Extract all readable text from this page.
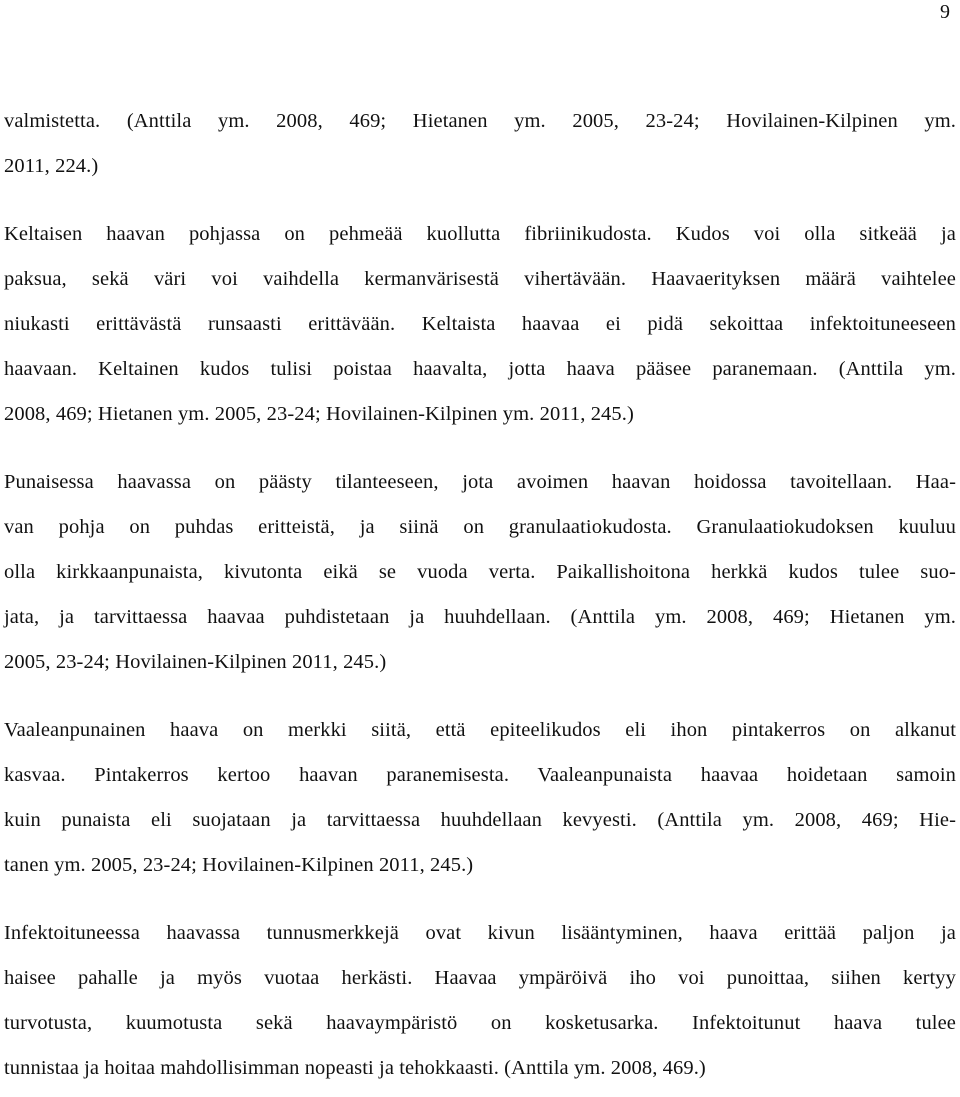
9

valmistetta. (Anttila ym. 2008, 469; Hietanen ym. 2005, 23-24; Hovilainen-Kilpinen ym.
2011, 224.)

Keltaisen haavan pohjassa on pehmeää kuollutta fibriinikudosta. Kudos voi olla sitkeää ja
paksua, sekä väri voi vaihdella kermanvärisestä vihertävään. Haavaerityksen määrä vaihtelee
niukasti erittävästä runsaasti erittävään. Keltaista haavaa ei pidä sekoittaa infektoituneeseen
haavaan. Keltainen kudos tulisi poistaa haavalta, jotta haava pääsee paranemaan. (Anttila ym.
2008, 469; Hietanen ym. 2005, 23-24; Hovilainen-Kilpinen ym. 2011, 245.)

Punaisessa haavassa on päästy tilanteeseen, jota avoimen haavan hoidossa tavoitellaan. Haa-
van pohja on puhdas eritteistä, ja siinä on granulaatiokudosta. Granulaatiokudoksen kuuluu
olla kirkkaanpunaista, kivutonta eikä se vuoda verta. Paikallishoitona herkkä kudos tulee suo-
jata, ja tarvittaessa haavaa puhdistetaan ja huuhdellaan. (Anttila ym. 2008, 469; Hietanen ym.
2005, 23-24; Hovilainen-Kilpinen 2011, 245.)

Vaaleanpunainen haava on merkki siitä, että epiteelikudos eli ihon pintakerros on alkanut
kasvaa. Pintakerros kertoo haavan paranemisesta. Vaaleanpunaista haavaa hoidetaan samoin
kuin punaista eli suojataan ja tarvittaessa huuhdellaan kevyesti. (Anttila ym. 2008, 469; Hie-
tanen ym. 2005, 23-24; Hovilainen-Kilpinen 2011, 245.)

Infektoituneessa haavassa tunnusmerkkejä ovat kivun lisääntyminen, haava erittää paljon ja
haisee pahalle ja myös vuotaa herkästi. Haavaa ympäröivä iho voi punoittaa, siihen kertyy
turvotusta, kuumotusta sekä haavaympäristö on kosketusarka. Infektoitunut haava tulee
tunnistaa ja hoitaa mahdollisimman nopeasti ja tehokkaasti. (Anttila ym. 2008, 469.)
